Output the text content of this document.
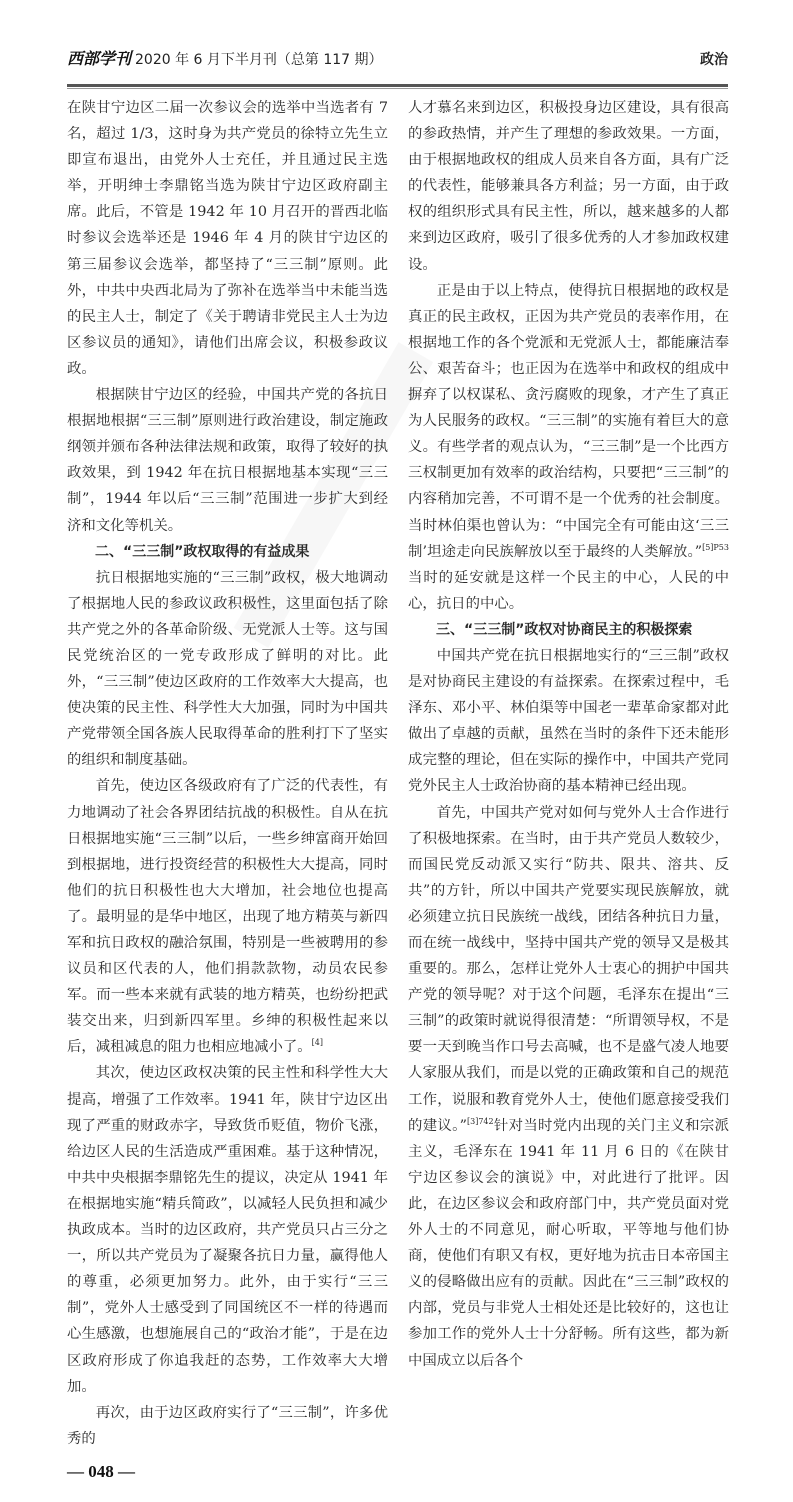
西部学刊 2020 年 6 月下半月刊（总第 117 期）	政治

在陕甘宁边区二届一次参议会的选举中当选者有 7 名，超过 1/3，这时身为共产党员的徐特立先生立即宣布退出，由党外人士充任，并且通过民主选举，开明绅士李鼎铭当选为陕甘宁边区政府副主席。此后，不管是 1942 年 10 月召开的晋西北临时参议会选举还是 1946 年 4 月的陕甘宁边区的第三届参议会选举，都坚持了“三三制”原则。此外，中共中央西北局为了弥补在选举当中未能当选的民主人士，制定了《关于聘请非党民主人士为边区参议员的通知》，请他们出席会议，积极参政议政。

根据陕甘宁边区的经验，中国共产党的各抗日根据地根据“三三制”原则进行政治建设，制定施政纲领并颁布各种法律法规和政策，取得了较好的执政效果，到 1942 年在抗日根据地基本实现“三三制”，1944 年以后“三三制”范围进一步扩大到经济和文化等机关。

二、“三三制”政权取得的有益成果

抗日根据地实施的“三三制”政权，极大地调动了根据地人民的参政议政积极性，这里面包括了除共产党之外的各革命阶级、无党派人士等。这与国民党统治区的一党专政形成了鲜明的对比。此外，“三三制”使边区政府的工作效率大大提高，也使决策的民主性、科学性大大加强，同时为中国共产党带领全国各族人民取得革命的胜利打下了坚实的组织和制度基础。

首先，使边区各级政府有了广泛的代表性，有力地调动了社会各界团结抗战的积极性。自从在抗日根据地实施“三三制”以后，一些乡绅富商开始回到根据地，进行投资经营的积极性大大提高，同时他们的抗日积极性也大大增加，社会地位也提高了。最明显的是华中地区，出现了地方精英与新四军和抗日政权的融洽氛围，特别是一些被聘用的参议员和区代表的人，他们捐款款物，动员农民参军。而一些本来就有武装的地方精英，也纷纷把武装交出来，归到新四军里。乡绅的积极性起来以后，减租减息的阻力也相应地减小了。[4]

其次，使边区政权决策的民主性和科学性大大提高，增强了工作效率。1941 年，陕甘宁边区出现了严重的财政赤字，导致货币贬值，物价飞涨，给边区人民的生活造成严重困难。基于这种情况，中共中央根据李鼎铭先生的提议，决定从 1941 年在根据地实施“精兵简政”，以减轻人民负担和减少执政成本。当时的边区政府，共产党员只占三分之一，所以共产党员为了凝聚各抗日力量，赢得他人的尊重，必须更加努力。此外，由于实行“三三制”，党外人士感受到了同国统区不一样的待遇而心生感激，也想施展自己的“政治才能”，于是在边区政府形成了你追我赶的态势，工作效率大大增加。

再次，由于边区政府实行了“三三制”，许多优秀的

人才慕名来到边区，积极投身边区建设，具有很高的参政热情，并产生了理想的参政效果。一方面，由于根据地政权的组成人员来自各方面，具有广泛的代表性，能够兼具各方利益；另一方面，由于政权的组织形式具有民主性，所以，越来越多的人都来到边区政府，吸引了很多优秀的人才参加政权建设。

正是由于以上特点，使得抗日根据地的政权是真正的民主政权，正因为共产党员的表率作用，在根据地工作的各个党派和无党派人士，都能廉洁奉公、艰苦奋斗；也正因为在选举中和政权的组成中摒弃了以权谋私、贪污腐败的现象，才产生了真正为人民服务的政权。“三三制”的实施有着巨大的意义。有些学者的观点认为，“三三制”是一个比西方三权制更加有效率的政治结构，只要把“三三制”的内容稍加完善，不可谓不是一个优秀的社会制度。当时林伯渠也曾认为：“中国完全有可能由这‘三三制’坦途走向民族解放以至于最终的人类解放。”$^{[5]P53}$当时的延安就是这样一个民主的中心，人民的中心，抗日的中心。

三、“三三制”政权对协商民主的积极探索

中国共产党在抗日根据地实行的“三三制”政权是对协商民主建设的有益探索。在探索过程中，毛泽东、邓小平、林伯渠等中国老一辈革命家都对此做出了卓越的贡献，虽然在当时的条件下还未能形成完整的理论，但在实际的操作中，中国共产党同党外民主人士政治协商的基本精神已经出现。

首先，中国共产党对如何与党外人士合作进行了积极地探索。在当时，由于共产党员人数较少，而国民党反动派又实行“防共、限共、溶共、反共”的方针，所以中国共产党要实现民族解放，就必须建立抗日民族统一战线，团结各种抗日力量，而在统一战线中，坚持中国共产党的领导又是极其重要的。那么，怎样让党外人士衷心的拥护中国共产党的领导呢？对于这个问题，毛泽东在提出“三三制”的政策时就说得很清楚：“所谓领导权，不是要一天到晚当作口号去高喊，也不是盛气凌人地要人家服从我们，而是以党的正确政策和自己的规范工作，说服和教育党外人士，使他们愿意接受我们的建议。”$^{[3]742}$针对当时党内出现的关门主义和宗派主义，毛泽东在 1941 年 11 月 6 日的《在陕甘宁边区参议会的演说》中，对此进行了批评。因此，在边区参议会和政府部门中，共产党员面对党外人士的不同意见，耐心听取，平等地与他们协商，使他们有职又有权，更好地为抗击日本帝国主义的侵略做出应有的贡献。因此在“三三制”政权的内部，党员与非党人士相处还是比较好的，这也让参加工作的党外人士十分舒畅。所有这些，都为新中国成立以后各个

— 048 —
